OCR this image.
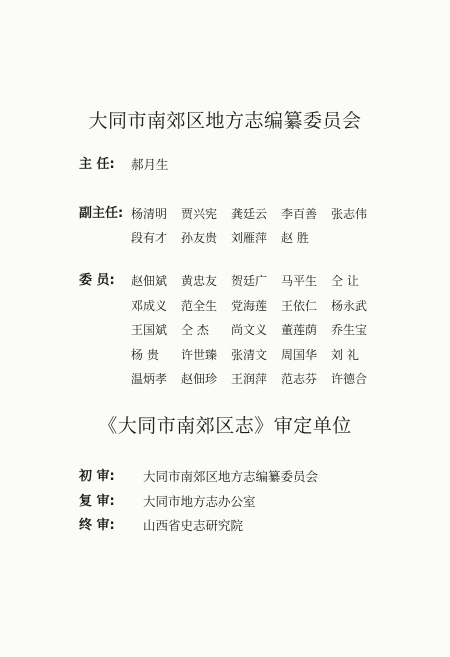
大同市南郊区地方志编纂委员会
主 任: 郝月生
副主任: 杨清明	贾兴宪	龚廷云	李百善	张志伟
段有才	孙友贵	刘雁萍	赵 胜
委 员: 赵佃斌	黄忠友	贺廷广	马平生	仝 让
邓成义	范全生	党海莲	王依仁	杨永武
王国斌	仝 杰	尚文义	董莲荫	乔生宝
杨 贵	许世臻	张清文	周国华	刘 礼
温炳孝	赵佃珍	王润萍	范志芬	许德合
《大同市南郊区志》审定单位
初 审: 大同市南郊区地方志编纂委员会
复 审: 大同市地方志办公室
终 审: 山西省史志研究院
